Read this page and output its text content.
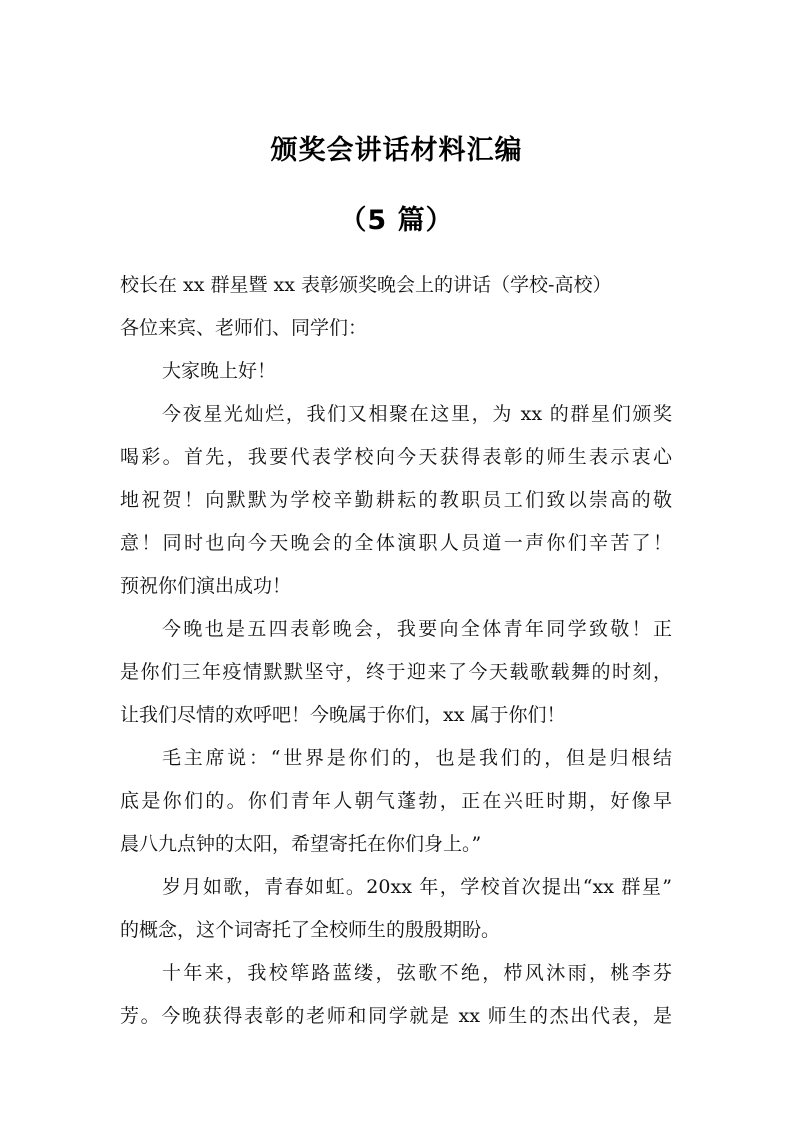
颁奖会讲话材料汇编
（5 篇）
校长在 xx 群星暨 xx 表彰颁奖晚会上的讲话（学校-高校）
各位来宾、老师们、同学们：
大家晚上好！
今夜星光灿烂，我们又相聚在这里，为 xx 的群星们颁奖
喝彩。首先，我要代表学校向今天获得表彰的师生表示衷心
地祝贺！向默默为学校辛勤耕耘的教职员工们致以崇高的敬
意！同时也向今天晚会的全体演职人员道一声你们辛苦了！
预祝你们演出成功！
今晚也是五四表彰晚会，我要向全体青年同学致敬！正
是你们三年疫情默默坚守，终于迎来了今天载歌载舞的时刻，
让我们尽情的欢呼吧！今晚属于你们，xx 属于你们！
毛主席说：“世界是你们的，也是我们的，但是归根结
底是你们的。你们青年人朝气蓬勃，正在兴旺时期，好像早
晨八九点钟的太阳，希望寄托在你们身上。”
岁月如歌，青春如虹。20xx 年，学校首次提出“xx 群星”
的概念，这个词寄托了全校师生的殷殷期盼。
十年来，我校筚路蓝缕，弦歌不绝，栉风沐雨，桃李芬
芳。今晚获得表彰的老师和同学就是 xx 师生的杰出代表，是
